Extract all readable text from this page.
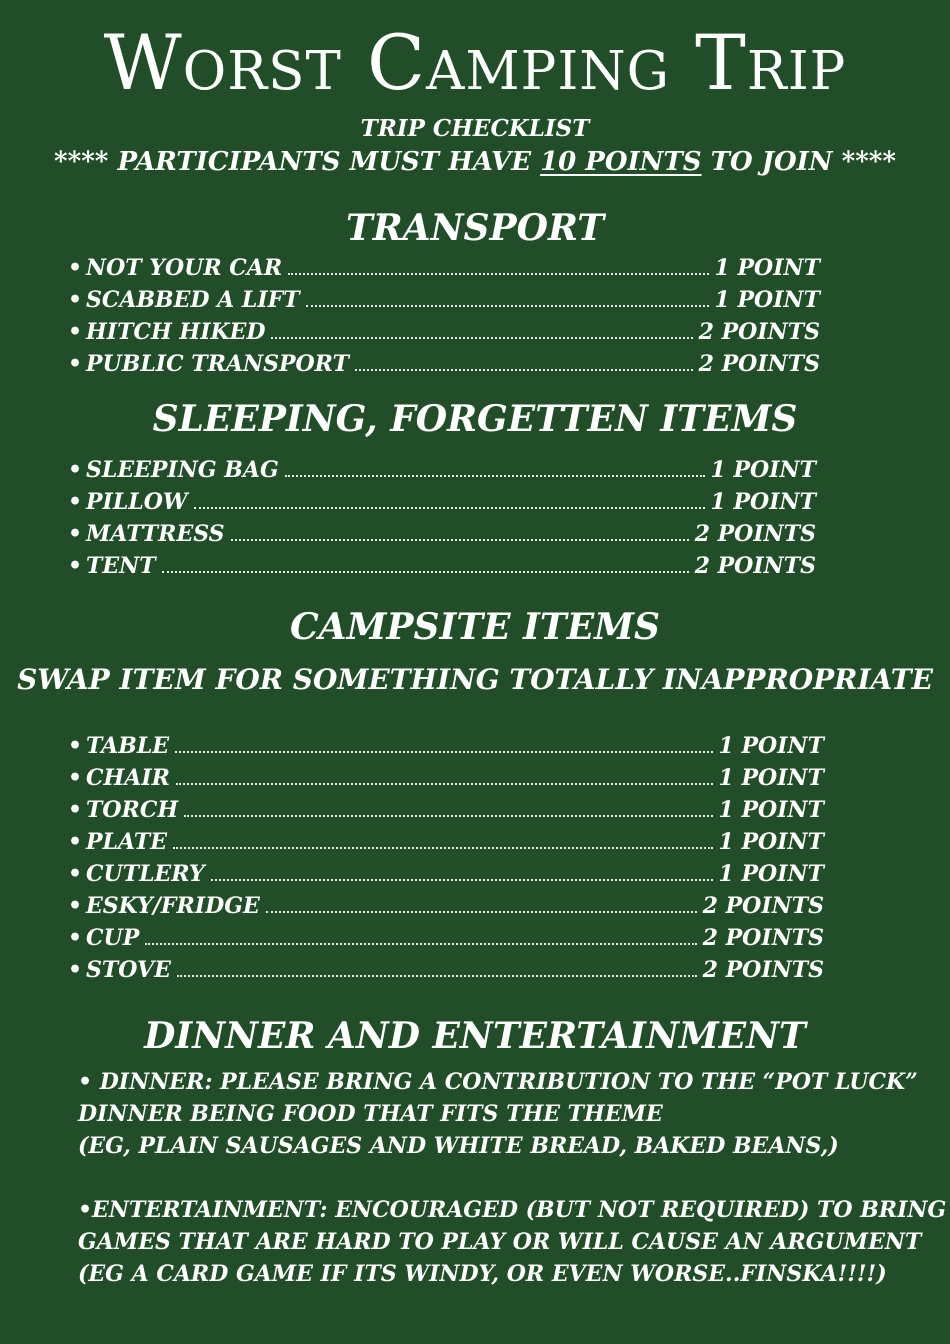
Worst Camping Trip
TRIP CHECKLIST
**** PARTICIPANTS MUST HAVE 10 POINTS TO JOIN ****
TRANSPORT
• NOT YOUR CAR	1 POINT
• SCABBED A LIFT	1 POINT
• HITCH HIKED	2 POINTS
• PUBLIC TRANSPORT	2 POINTS
SLEEPING, FORGETTEN ITEMS
• SLEEPING BAG	1 POINT
• PILLOW	1 POINT
• MATTRESS	2 POINTS
• TENT	2 POINTS
CAMPSITE ITEMS
SWAP ITEM FOR SOMETHING TOTALLY INAPPROPRIATE
• TABLE	1 POINT
• CHAIR	1 POINT
• TORCH	1 POINT
• PLATE	1 POINT
• CUTLERY	1 POINT
• ESKY/FRIDGE	2 POINTS
• CUP	2 POINTS
• STOVE	2 POINTS
DINNER AND ENTERTAINMENT
• DINNER: PLEASE BRING A CONTRIBUTION TO THE “POT LUCK”
DINNER BEING FOOD THAT FITS THE THEME
(EG, PLAIN SAUSAGES AND WHITE BREAD, BAKED BEANS,)
•ENTERTAINMENT: ENCOURAGED (BUT NOT REQUIRED) TO BRING
GAMES THAT ARE HARD TO PLAY OR WILL CAUSE AN ARGUMENT
(EG A CARD GAME IF ITS WINDY, OR EVEN WORSE..FINSKA!!!!)
